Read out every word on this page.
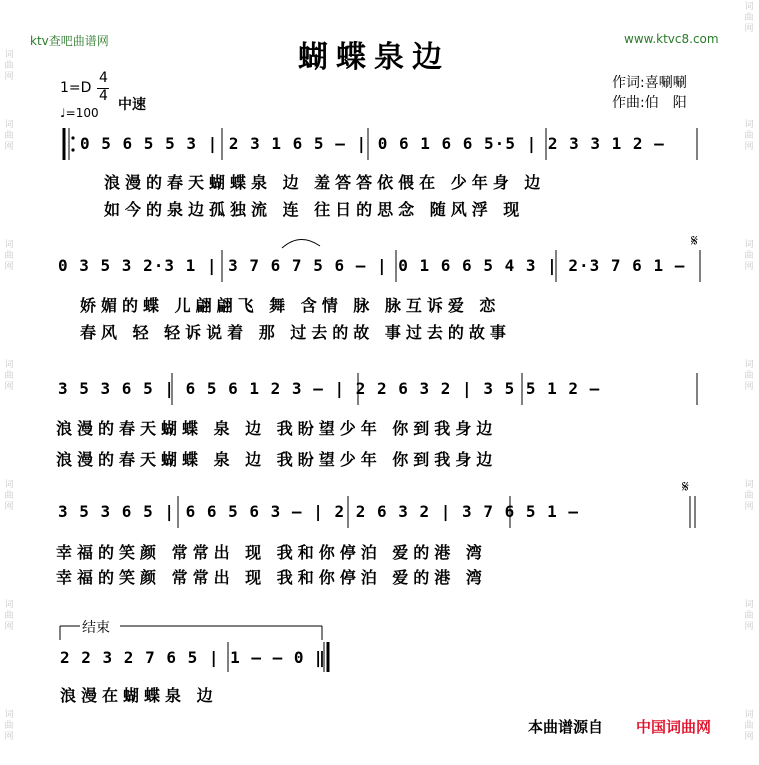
词曲网
词曲网
词曲网
词曲网
词曲网
词曲网
词曲网
词曲网
词曲网
词曲网
词曲网
词曲网
词曲网
词曲网
ktv查吧曲谱网	www.ktvc8.com
蝴蝶泉边
1=D
4
4
♩=100 中速
作词:喜唰唰
作曲:伯　阳
0 5 6 5 5 3 | 2 3 1 6 5 – | 0 6 1 6 6 5·5 | 2 3 3 1 2 –
浪漫的春天蝴蝶泉 边 羞答答依偎在 少年身 边
如今的泉边孤独流 连 往日的思念 随风浮 现
0 3 5 3 2·3 1 | 3 7 6 7 5 6 – | 0 1 6 6 5 4 3 | 2·3 7 6 1 –
娇媚的蝶 儿翩翩飞 舞 含情 脉 脉互诉爱 恋
春风 轻 轻诉说着 那 过去的故 事过去的故事
3 5 3 6 5 | 6 5 6 1 2 3 – | 2 2 6 3 2 | 3 5 5 1 2 –
浪漫的春天蝴蝶 泉 边 我盼望少年 你到我身边
浪漫的春天蝴蝶 泉 边 我盼望少年 你到我身边
3 5 3 6 5 | 6 6 5 6 3 – | 2 2 6 3 2 | 3 7 6 5 1 –
幸福的笑颜 常常出 现 我和你停泊 爱的港 湾
幸福的笑颜 常常出 现 我和你停泊 爱的港 湾
结束
2 2 3 2 7 6 5 | 1 – – 0 ‖
浪漫在蝴蝶泉 边
𝄋
𝄋
本曲谱源自 中国词曲网
